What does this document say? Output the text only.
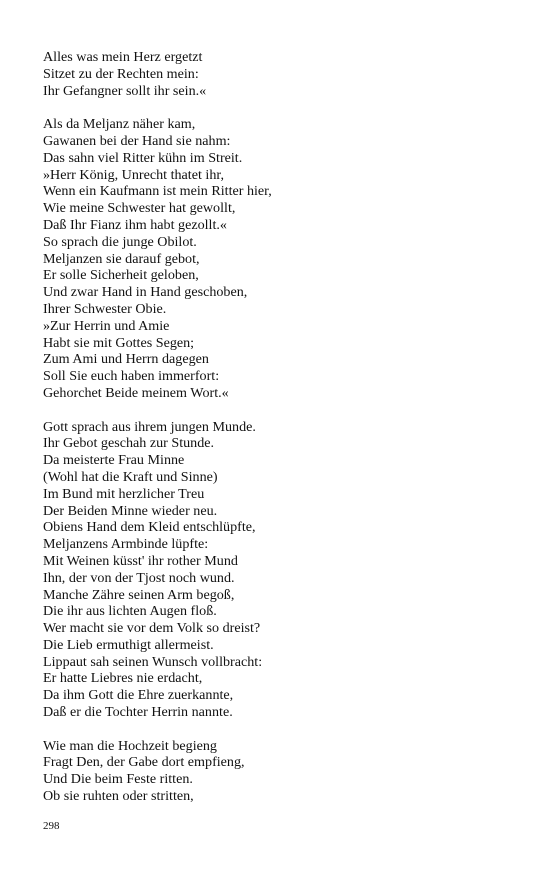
Alles was mein Herz ergetzt
Sitzet zu der Rechten mein:
Ihr Gefangner sollt ihr sein.«
Als da Meljanz näher kam,
Gawanen bei der Hand sie nahm:
Das sahn viel Ritter kühn im Streit.
»Herr König, Unrecht thatet ihr,
Wenn ein Kaufmann ist mein Ritter hier,
Wie meine Schwester hat gewollt,
Daß Ihr Fianz ihm habt gezollt.«
So sprach die junge Obilot.
Meljanzen sie darauf gebot,
Er solle Sicherheit geloben,
Und zwar Hand in Hand geschoben,
Ihrer Schwester Obie.
»Zur Herrin und Amie
Habt sie mit Gottes Segen;
Zum Ami und Herrn dagegen
Soll Sie euch haben immerfort:
Gehorchet Beide meinem Wort.«
Gott sprach aus ihrem jungen Munde.
Ihr Gebot geschah zur Stunde.
Da meisterte Frau Minne
(Wohl hat die Kraft und Sinne)
Im Bund mit herzlicher Treu
Der Beiden Minne wieder neu.
Obiens Hand dem Kleid entschlüpfte,
Meljanzens Armbinde lüpfte:
Mit Weinen küsst' ihr rother Mund
Ihn, der von der Tjost noch wund.
Manche Zähre seinen Arm begoß,
Die ihr aus lichten Augen floß.
Wer macht sie vor dem Volk so dreist?
Die Lieb ermuthigt allermeist.
Lippaut sah seinen Wunsch vollbracht:
Er hatte Liebres nie erdacht,
Da ihm Gott die Ehre zuerkannte,
Daß er die Tochter Herrin nannte.
Wie man die Hochzeit begieng
Fragt Den, der Gabe dort empfieng,
Und Die beim Feste ritten.
Ob sie ruhten oder stritten,
298
